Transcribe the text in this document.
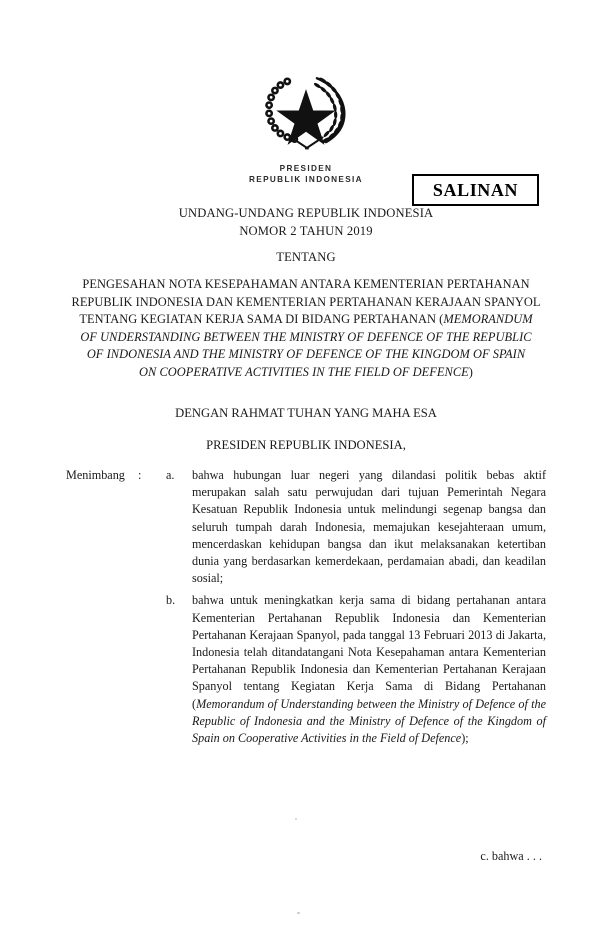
PRESIDEN
REPUBLIK INDONESIA	SALINAN
UNDANG-UNDANG REPUBLIK INDONESIA
NOMOR 2 TAHUN 2019
TENTANG
PENGESAHAN NOTA KESEPAHAMAN ANTARA KEMENTERIAN PERTAHANAN
REPUBLIK INDONESIA DAN KEMENTERIAN PERTAHANAN KERAJAAN SPANYOL
TENTANG KEGIATAN KERJA SAMA DI BIDANG PERTAHANAN (MEMORANDUM
OF UNDERSTANDING BETWEEN THE MINISTRY OF DEFENCE OF THE REPUBLIC
OF INDONESIA AND THE MINISTRY OF DEFENCE OF THE KINGDOM OF SPAIN
ON COOPERATIVE ACTIVITIES IN THE FIELD OF DEFENCE)
DENGAN RAHMAT TUHAN YANG MAHA ESA
PRESIDEN REPUBLIK INDONESIA,
Menimbang	:	a.	bahwa hubungan luar negeri yang dilandasi politik bebas aktif merupakan salah satu perwujudan dari tujuan Pemerintah Negara Kesatuan Republik Indonesia untuk melindungi segenap bangsa dan seluruh tumpah darah Indonesia, memajukan kesejahteraan umum, mencerdaskan kehidupan bangsa dan ikut melaksanakan ketertiban dunia yang berdasarkan kemerdekaan, perdamaian abadi, dan keadilan sosial;
b.	bahwa untuk meningkatkan kerja sama di bidang pertahanan antara Kementerian Pertahanan Republik Indonesia dan Kementerian Pertahanan Kerajaan Spanyol, pada tanggal 13 Februari 2013 di Jakarta, Indonesia telah ditandatangani Nota Kesepahaman antara Kementerian Pertahanan Republik Indonesia dan Kementerian Pertahanan Kerajaan Spanyol tentang Kegiatan Kerja Sama di Bidang Pertahanan (Memorandum of Understanding between the Ministry of Defence of the Republic of Indonesia and the Ministry of Defence of the Kingdom of Spain on Cooperative Activities in the Field of Defence);
c. bahwa . . .
